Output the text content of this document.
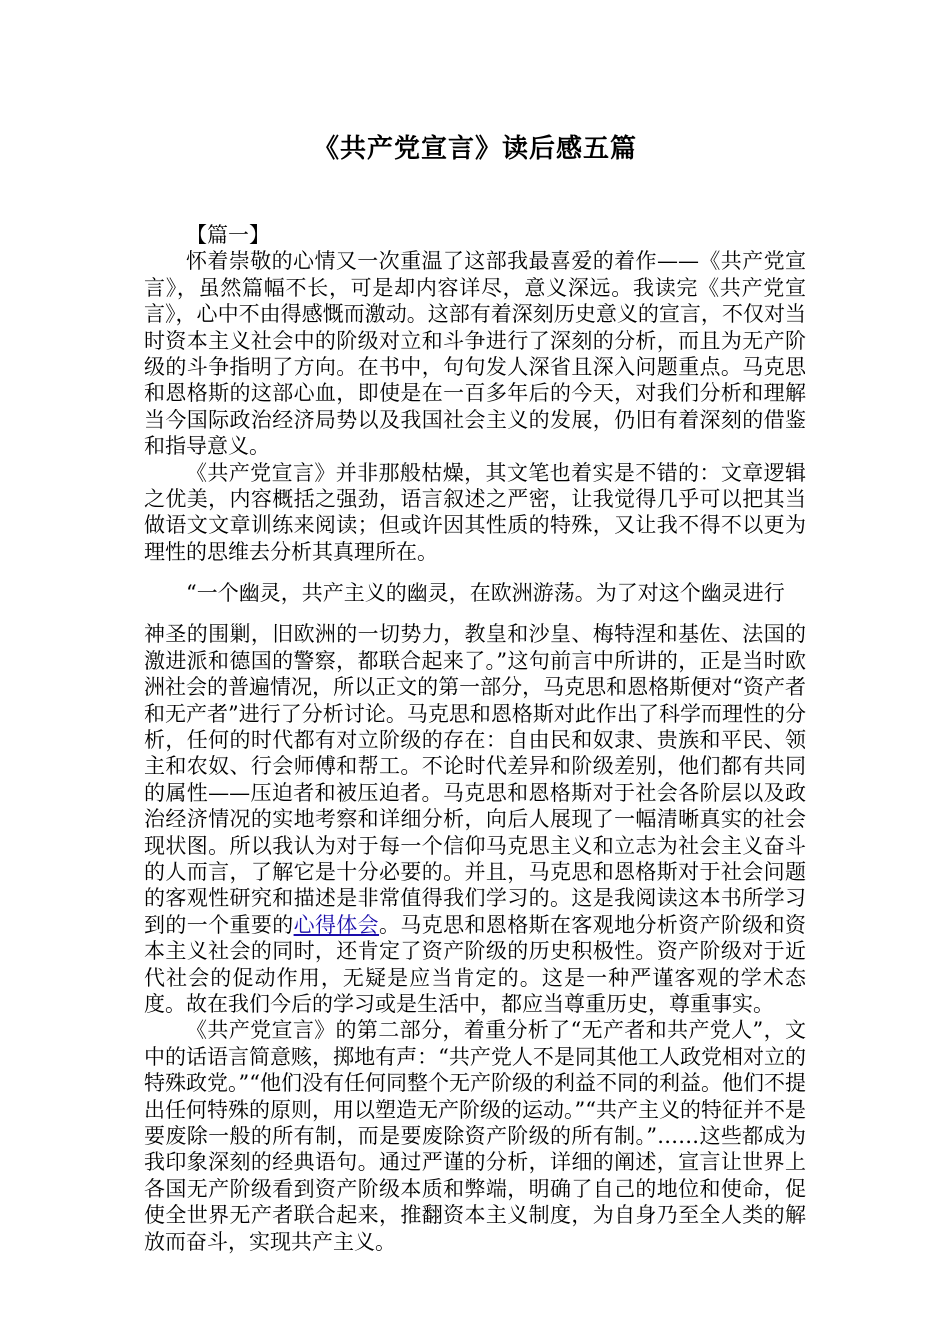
《共产党宣言》读后感五篇

【篇一】

怀着崇敬的心情又一次重温了这部我最喜爱的着作——《共产党宣言》，虽然篇幅不长，可是却内容详尽，意义深远。我读完《共产党宣言》，心中不由得感慨而激动。这部有着深刻历史意义的宣言，不仅对当时资本主义社会中的阶级对立和斗争进行了深刻的分析，而且为无产阶级的斗争指明了方向。在书中，句句发人深省且深入问题重点。马克思和恩格斯的这部心血，即使是在一百多年后的今天，对我们分析和理解当今国际政治经济局势以及我国社会主义的发展，仍旧有着深刻的借鉴和指导意义。

《共产党宣言》并非那般枯燥，其文笔也着实是不错的：文章逻辑之优美，内容概括之强劲，语言叙述之严密，让我觉得几乎可以把其当做语文文章训练来阅读；但或许因其性质的特殊，又让我不得不以更为理性的思维去分析其真理所在。

“一个幽灵，共产主义的幽灵，在欧洲游荡。为了对这个幽灵进行

神圣的围剿，旧欧洲的一切势力，教皇和沙皇、梅特涅和基佐、法国的激进派和德国的警察，都联合起来了。”这句前言中所讲的，正是当时欧洲社会的普遍情况，所以正文的第一部分，马克思和恩格斯便对“资产者和无产者”进行了分析讨论。马克思和恩格斯对此作出了科学而理性的分析，任何的时代都有对立阶级的存在：自由民和奴隶、贵族和平民、领主和农奴、行会师傅和帮工。不论时代差异和阶级差别，他们都有共同的属性——压迫者和被压迫者。马克思和恩格斯对于社会各阶层以及政治经济情况的实地考察和详细分析，向后人展现了一幅清晰真实的社会现状图。所以我认为对于每一个信仰马克思主义和立志为社会主义奋斗的人而言，了解它是十分必要的。并且，马克思和恩格斯对于社会问题的客观性研究和描述是非常值得我们学习的。这是我阅读这本书所学习到的一个重要的心得体会。马克思和恩格斯在客观地分析资产阶级和资本主义社会的同时，还肯定了资产阶级的历史积极性。资产阶级对于近代社会的促动作用，无疑是应当肯定的。这是一种严谨客观的学术态度。故在我们今后的学习或是生活中，都应当尊重历史，尊重事实。

《共产党宣言》的第二部分，着重分析了“无产者和共产党人”，文中的话语言简意赅，掷地有声：“共产党人不是同其他工人政党相对立的特殊政党。”“他们没有任何同整个无产阶级的利益不同的利益。他们不提出任何特殊的原则，用以塑造无产阶级的运动。”“共产主义的特征并不是要废除一般的所有制，而是要废除资产阶级的所有制。”……这些都成为我印象深刻的经典语句。通过严谨的分析，详细的阐述，宣言让世界上各国无产阶级看到资产阶级本质和弊端，明确了自己的地位和使命，促使全世界无产者联合起来，推翻资本主义制度，为自身乃至全人类的解放而奋斗，实现共产主义。
